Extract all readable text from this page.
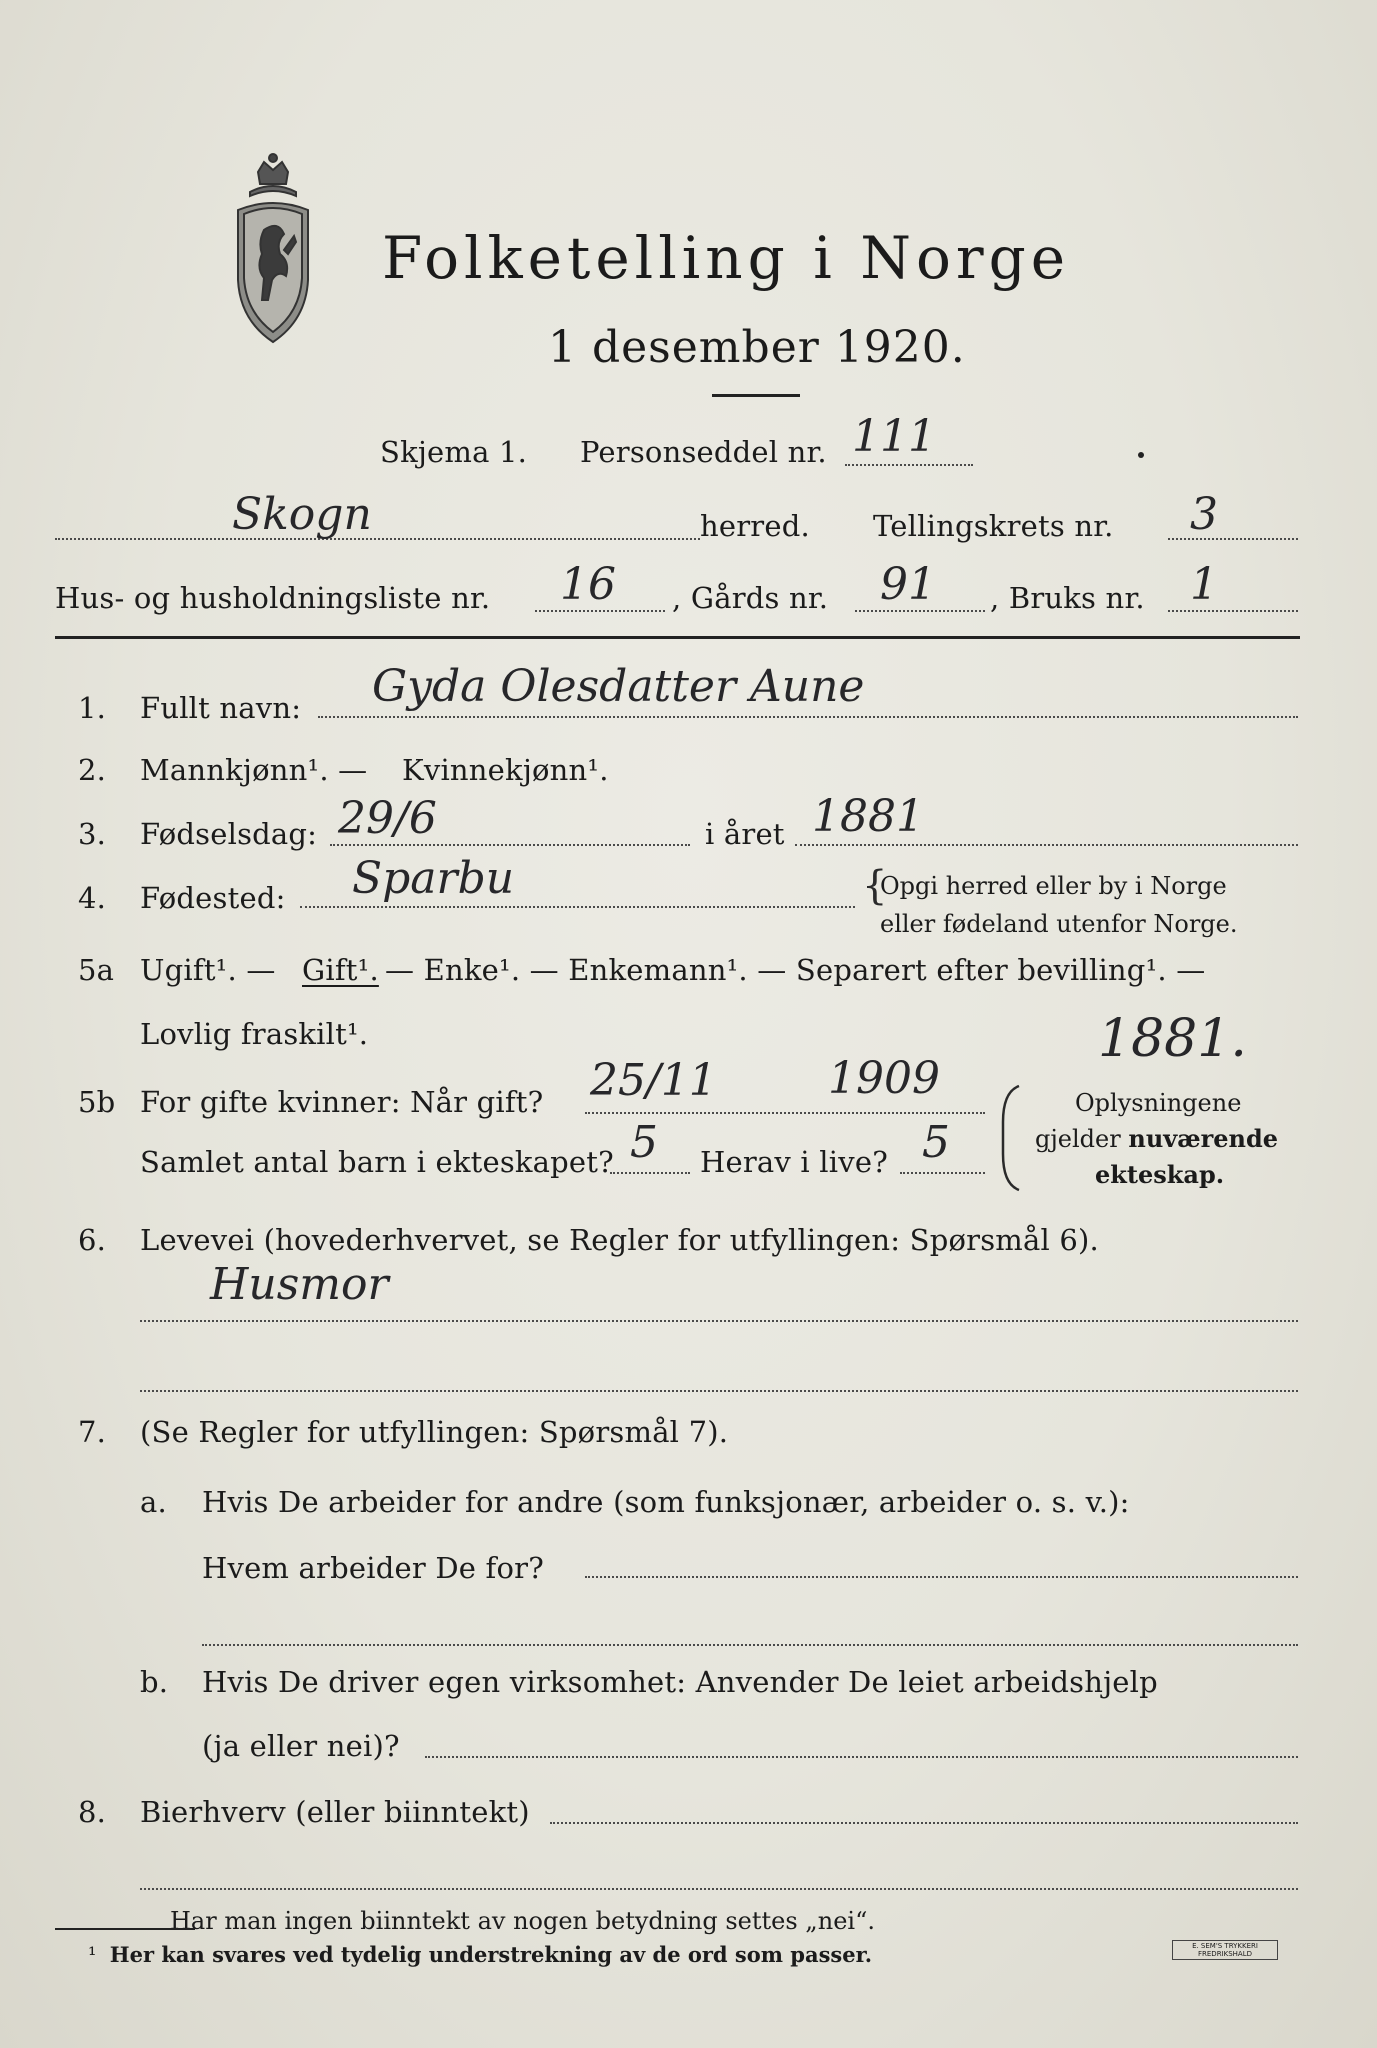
Folketelling i Norge
1 desember 1920.
Skjema 1. Personseddel nr. 111
Skogn	herred. Tellingskrets nr. 3
Hus- og husholdningsliste nr. 16 , Gårds nr. 91 , Bruks nr. 1
1. Fullt navn: Gyda Olesdatter Aune
2. Mannkjønn¹. — Kvinnekjønn¹.
3. Fødselsdag: 29/6	i året 1881
4. Fødested: Sparbu	{
Opgi herred eller by i Norge
eller fødeland utenfor Norge.
5a Ugift¹. — Gift¹. — Enke¹. — Enkemann¹. — Separert efter bevilling¹. —
Lovlig fraskilt¹.	1881.
5b For gifte kvinner: Når gift? 25/11	1909
Samlet antal barn i ekteskapet? 5 Herav i live? 5
Oplysningene
gjelder nuværende
ekteskap.
6. Levevei (hovederhvervet, se Regler for utfyllingen: Spørsmål 6).
Husmor
7. (Se Regler for utfyllingen: Spørsmål 7).
a. Hvis De arbeider for andre (som funksjonær, arbeider o. s. v.):
Hvem arbeider De for?
b. Hvis De driver egen virksomhet: Anvender De leiet arbeidshjelp
(ja eller nei)?
8. Bierhverv (eller biinntekt)
Har man ingen biinntekt av nogen betydning settes „nei“.
¹ Her kan svares ved tydelig understrekning av de ord som passer.	E. SEM'S TRYKKERI
FREDRIKSHALD
